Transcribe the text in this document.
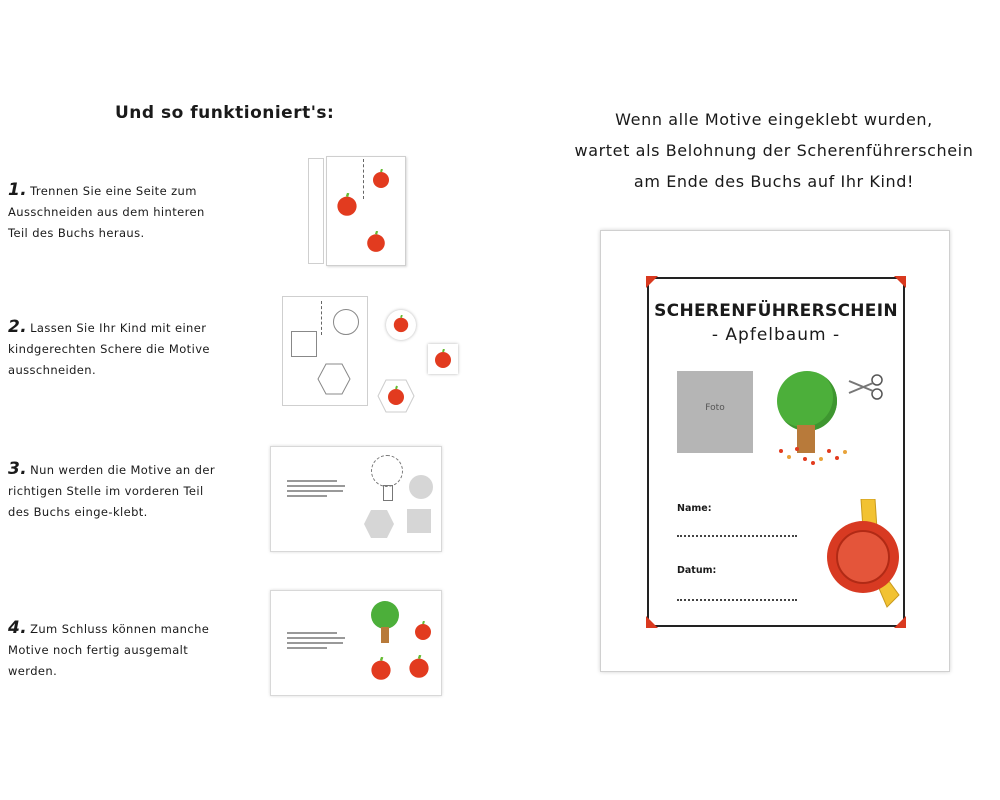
Und so funktioniert's:
1. Trennen Sie eine Seite zum Ausschneiden aus dem hinteren Teil des Buchs heraus.
2. Lassen Sie Ihr Kind mit einer kindgerechten Schere die Motive ausschneiden.
3. Nun werden die Motive an der richtigen Stelle im vorderen Teil des Buchs einge-klebt.
4. Zum Schluss können manche Motive noch fertig ausgemalt werden.
Wenn alle Motive eingeklebt wurden,
wartet als Belohnung der Scherenführerschein
am Ende des Buchs auf Ihr Kind!
SCHERENFÜHRERSCHEIN
- Apfelbaum -
Foto
Name:
Datum:
